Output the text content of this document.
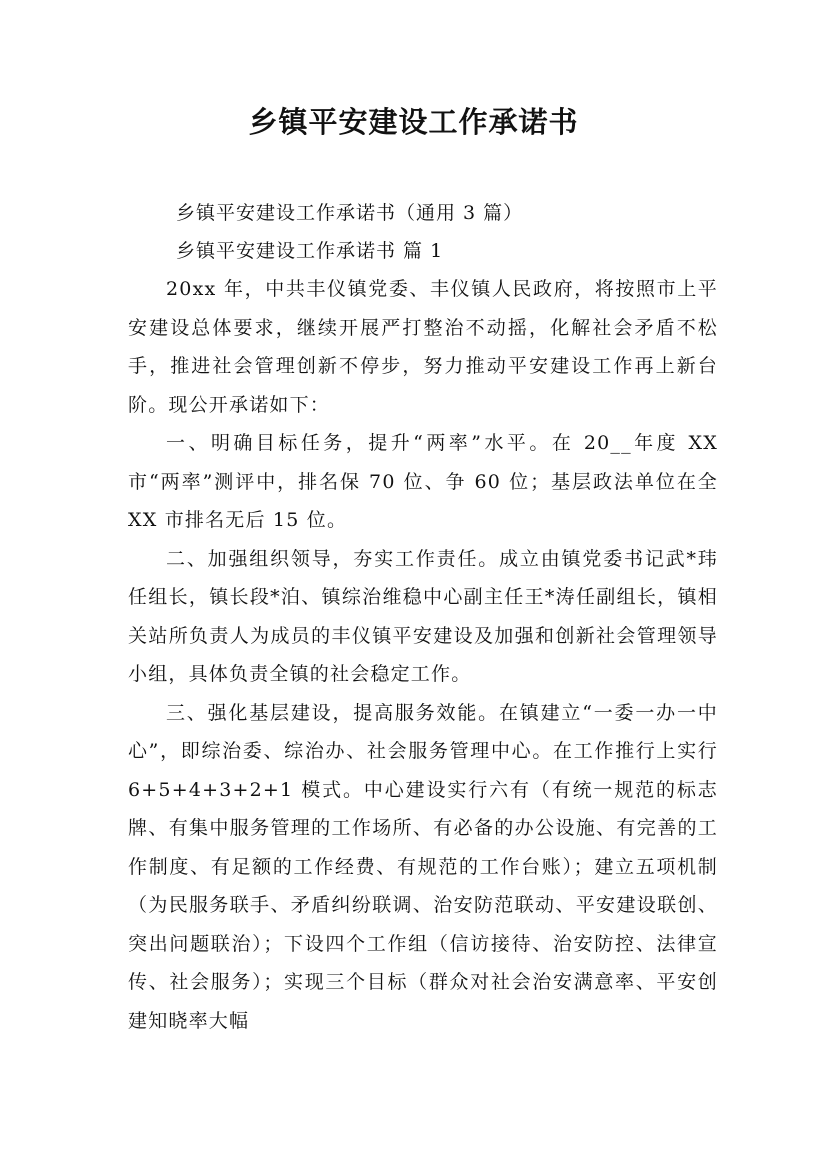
乡镇平安建设工作承诺书

乡镇平安建设工作承诺书（通用 3 篇）

乡镇平安建设工作承诺书 篇 1

20xx 年，中共丰仪镇党委、丰仪镇人民政府，将按照市上平安建设总体要求，继续开展严打整治不动摇，化解社会矛盾不松手，推进社会管理创新不停步，努力推动平安建设工作再上新台阶。现公开承诺如下：

一、明确目标任务，提升“两率”水平。在 20__年度 XX 市“两率”测评中，排名保 70 位、争 60 位；基层政法单位在全 XX 市排名无后 15 位。

二、加强组织领导，夯实工作责任。成立由镇党委书记武*玮任组长，镇长段*泊、镇综治维稳中心副主任王*涛任副组长，镇相关站所负责人为成员的丰仪镇平安建设及加强和创新社会管理领导小组，具体负责全镇的社会稳定工作。

三、强化基层建设，提高服务效能。在镇建立“一委一办一中心”，即综治委、综治办、社会服务管理中心。在工作推行上实行 6+5+4+3+2+1 模式。中心建设实行六有（有统一规范的标志牌、有集中服务管理的工作场所、有必备的办公设施、有完善的工作制度、有足额的工作经费、有规范的工作台账）；建立五项机制（为民服务联手、矛盾纠纷联调、治安防范联动、平安建设联创、突出问题联治）；下设四个工作组（信访接待、治安防控、法律宣传、社会服务）；实现三个目标（群众对社会治安满意率、平安创建知晓率大幅
